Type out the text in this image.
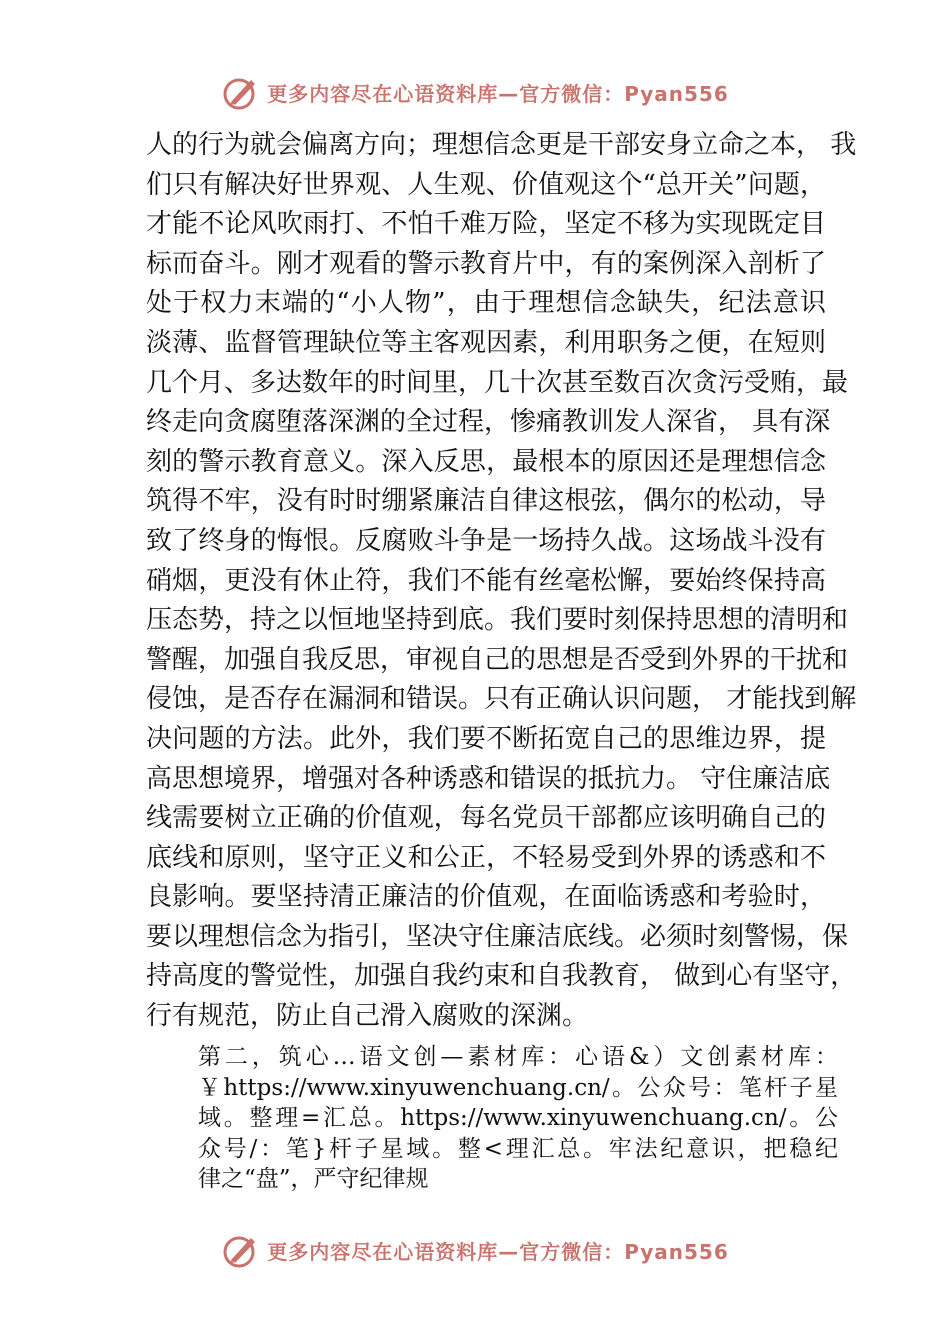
更多内容尽在心语资料库—官方微信：Pyan556
人的行为就会偏离方向；理想信念更是干部安身立命之本， 我
们只有解决好世界观、人生观、价值观这个“总开关”问题，
才能不论风吹雨打、不怕千难万险，坚定不移为实现既定目
标而奋斗。刚才观看的警示教育片中，有的案例深入剖析了
处于权力末端的“小人物”，由于理想信念缺失，纪法意识
淡薄、监督管理缺位等主客观因素，利用职务之便，在短则
几个月、多达数年的时间里，几十次甚至数百次贪污受贿，最
终走向贪腐堕落深渊的全过程，惨痛教训发人深省， 具有深
刻的警示教育意义。深入反思，最根本的原因还是理想信念
筑得不牢，没有时时绷紧廉洁自律这根弦，偶尔的松动，导
致了终身的悔恨。反腐败斗争是一场持久战。这场战斗没有
硝烟，更没有休止符，我们不能有丝毫松懈，要始终保持高
压态势，持之以恒地坚持到底。我们要时刻保持思想的清明和
警醒，加强自我反思，审视自己的思想是否受到外界的干扰和
侵蚀，是否存在漏洞和错误。只有正确认识问题， 才能找到解
决问题的方法。此外，我们要不断拓宽自己的思维边界，提
高思想境界，增强对各种诱惑和错误的抵抗力。 守住廉洁底
线需要树立正确的价值观，每名党员干部都应该明确自己的
底线和原则，坚守正义和公正，不轻易受到外界的诱惑和不
良影响。要坚持清正廉洁的价值观，在面临诱惑和考验时，
要以理想信念为指引，坚决守住廉洁底线。必须时刻警惕，保
持高度的警觉性，加强自我约束和自我教育， 做到心有坚守，
行有规范，防止自己滑入腐败的深渊。
第二，筑心…语文创—素材库：心语&）文创素材库：
￥https://www.xinyuwenchuang.cn/。公众号：笔杆子星
域。整理=汇总。https://www.xinyuwenchuang.cn/。公
众号/：笔}杆子星域。整<理汇总。牢法纪意识，把稳纪
律之“盘”，严守纪律规
更多内容尽在心语资料库—官方微信：Pyan556
